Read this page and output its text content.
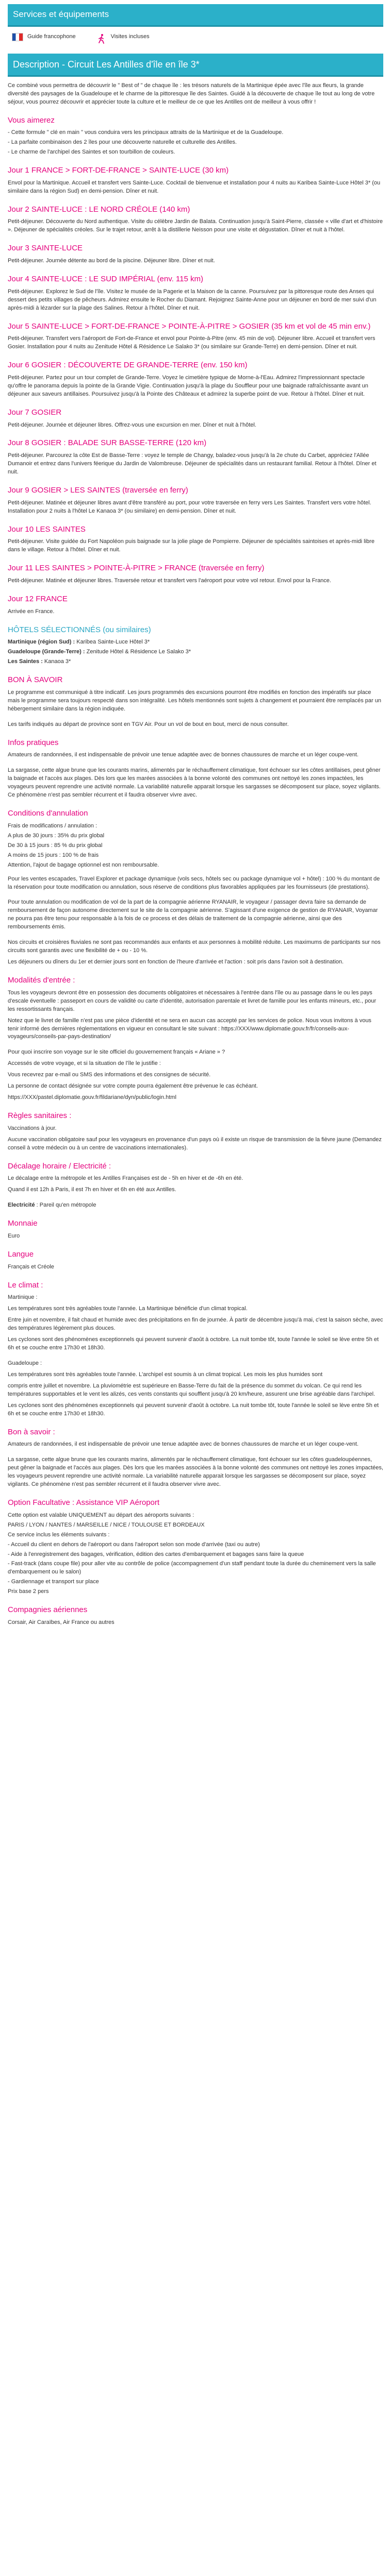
Services et équipements
Guide francophone	Visites incluses
Description - Circuit Les Antilles d'île en île 3*

Ce combiné vous permettra de découvrir le " Best of " de chaque île : les trésors naturels de la Martinique épée avec l'île aux fleurs, la grande diversité des paysages de la Guadeloupe et le charme de la pittoresque île des Saintes. Guidé à la découverte de chaque île tout au long de votre séjour, vous pourrez découvrir et apprécier toute la culture et le meilleur de ce que les Antilles ont de meilleur à vous offrir !

Vous aimerez

- Cette formule " clé en main " vous conduira vers les principaux attraits de la Martinique et de la Guadeloupe.

- La parfaite combinaison des 2 îles pour une découverte naturelle et culturelle des Antilles.

- Le charme de l'archipel des Saintes et son tourbillon de couleurs.

Jour 1 FRANCE > FORT-DE-FRANCE > SAINTE-LUCE (30 km)

Envol pour la Martinique. Accueil et transfert vers Sainte-Luce. Cocktail de bienvenue et installation pour 4 nuits au Karibea Sainte-Luce Hôtel 3* (ou similaire dans la région Sud) en demi-pension. Dîner et nuit.

Jour 2 SAINTE-LUCE : LE NORD CRÉOLE (140 km)

Petit-déjeuner. Découverte du Nord authentique. Visite du célèbre Jardin de Balata. Continuation jusqu'à Saint-Pierre, classée « ville d'art et d'histoire ». Déjeuner de spécialités créoles. Sur le trajet retour, arrêt à la distillerie Neisson pour une visite et dégustation. Dîner et nuit à l'hôtel.

Jour 3 SAINTE-LUCE

Petit-déjeuner. Journée détente au bord de la piscine. Déjeuner libre. Dîner et nuit.

Jour 4 SAINTE-LUCE : LE SUD IMPÉRIAL (env. 115 km)

Petit-déjeuner. Explorez le Sud de l'île. Visitez le musée de la Pagerie et la Maison de la canne. Poursuivez par la pittoresque route des Anses qui dessert des petits villages de pêcheurs. Admirez ensuite le Rocher du Diamant. Rejoignez Sainte-Anne pour un déjeuner en bord de mer suivi d'un après-midi à lézarder sur la plage des Salines. Retour à l'hôtel. Dîner et nuit.

Jour 5 SAINTE-LUCE > FORT-DE-FRANCE > POINTE-À-PITRE > GOSIER (35 km et vol de 45 min env.)

Petit-déjeuner. Transfert vers l'aéroport de Fort-de-France et envol pour Pointe-à-Pitre (env. 45 min de vol). Déjeuner libre. Accueil et transfert vers Gosier. Installation pour 4 nuits au Zenitude Hôtel & Résidence Le Salako 3* (ou similaire sur Grande-Terre) en demi-pension. Dîner et nuit.

Jour 6 GOSIER : DÉCOUVERTE DE GRANDE-TERRE (env. 150 km)

Petit-déjeuner. Partez pour un tour complet de Grande-Terre. Voyez le cimetière typique de Morne-à-l'Eau. Admirez l'impressionnant spectacle qu'offre le panorama depuis la pointe de la Grande Vigie. Continuation jusqu'à la plage du Souffleur pour une baignade rafraîchissante avant un déjeuner aux saveurs antillaises. Poursuivez jusqu'à la Pointe des Châteaux et admirez la superbe point de vue. Retour à l'hôtel. Dîner et nuit.

Jour 7 GOSIER

Petit-déjeuner. Journée et déjeuner libres. Offrez-vous une excursion en mer. Dîner et nuit à l'hôtel.

Jour 8 GOSIER : BALADE SUR BASSE-TERRE (120 km)

Petit-déjeuner. Parcourez la côte Est de Basse-Terre : voyez le temple de Changy, baladez-vous jusqu'à la 2e chute du Carbet, appréciez l'Allée Dumanoir et entrez dans l'univers féerique du Jardin de Valombreuse. Déjeuner de spécialités dans un restaurant familial. Retour à l'hôtel. Dîner et nuit.

Jour 9 GOSIER > LES SAINTES (traversée en ferry)

Petit-déjeuner. Matinée et déjeuner libres avant d'être transféré au port, pour votre traversée en ferry vers Les Saintes. Transfert vers votre hôtel. Installation pour 2 nuits à l'hôtel Le Kanaoa 3* (ou similaire) en demi-pension. Dîner et nuit.

Jour 10 LES SAINTES

Petit-déjeuner. Visite guidée du Fort Napoléon puis baignade sur la jolie plage de Pompierre. Déjeuner de spécialités saintoises et après-midi libre dans le village. Retour à l'hôtel. Dîner et nuit.

Jour 11 LES SAINTES > POINTE-À-PITRE > FRANCE (traversée en ferry)

Petit-déjeuner. Matinée et déjeuner libres. Traversée retour et transfert vers l'aéroport pour votre vol retour. Envol pour la France.

Jour 12 FRANCE

Arrivée en France.

HÔTELS SÉLECTIONNÉS (ou similaires)

Martinique (région Sud) : Karibea Sainte-Luce Hôtel 3*

Guadeloupe (Grande-Terre) : Zenitude Hôtel & Résidence Le Salako 3*

Les Saintes : Kanaoa 3*

BON À SAVOIR

Le programme est communiqué à titre indicatif. Les jours programmés des excursions pourront être modifiés en fonction des impératifs sur place mais le programme sera toujours respecté dans son intégralité. Les hôtels mentionnés sont sujets à changement et pourraient être remplacés par un hébergement similaire dans la région indiquée.

Les tarifs indiqués au départ de province sont en TGV Air. Pour un vol de bout en bout, merci de nous consulter.

Infos pratiques

Amateurs de randonnées, il est indispensable de prévoir une tenue adaptée avec de bonnes chaussures de marche et un léger coupe-vent.

La sargasse, cette algue brune que les courants marins, alimentés par le réchauffement climatique, font échouer sur les côtes antillaises, peut gêner la baignade et l'accès aux plages. Dès lors que les marées associées à la bonne volonté des communes ont nettoyé les zones impactées, les voyageurs peuvent reprendre une activité normale. La variabilité naturelle apparait lorsque les sargasses se décomposent sur place, soyez vigilants. Ce phénomène n'est pas sembler récurrent et il faudra observer vivre avec.

Conditions d'annulation

Frais de modifications / annulation :

A plus de 30 jours : 35% du prix global

De 30 à 15 jours : 85 % du prix global

A moins de 15 jours : 100 % de frais

Attention, l'ajout de bagage optionnel est non remboursable.

Pour les ventes escapades, Travel Explorer et package dynamique (vols secs, hôtels sec ou package dynamique vol + hôtel) : 100 % du montant de la réservation pour toute modification ou annulation, sous réserve de conditions plus favorables appliquées par les fournisseurs (de prestations).

Pour toute annulation ou modification de vol de la part de la compagnie aérienne RYANAIR, le voyageur / passager devra faire sa demande de remboursement de façon autonome directement sur le site de la compagnie aérienne. S'agissant d'une exigence de gestion de RYANAIR, Voyamar ne pourra pas être tenu pour responsable à la fois de ce process et des délais de traitement de la compagnie aérienne, ainsi que des remboursements émis.

Nos circuits et croisières fluviales ne sont pas recommandés aux enfants et aux personnes à mobilité réduite. Les maximums de participants sur nos circuits sont garantis avec une flexibilité de + ou - 10 %.

Les déjeuners ou dîners du 1er et dernier jours sont en fonction de l'heure d'arrivée et l'action : soit pris dans l'avion soit à destination.

Modalités d'entrée :

Tous les voyageurs devront être en possession des documents obligatoires et nécessaires à l'entrée dans l'île ou au passage dans le ou les pays d'escale éventuelle : passeport en cours de validité ou carte d'identité, autorisation parentale et livret de famille pour les enfants mineurs, etc., pour les ressortissants français.

Notez que le livret de famille n'est pas une pièce d'identité et ne sera en aucun cas accepté par les services de police. Nous vous invitons à vous tenir informé des dernières réglementations en vigueur en consultant le site suivant : https://XXX/www.diplomatie.gouv.fr/fr/conseils-aux-voyageurs/conseils-par-pays-destination/

Pour quoi inscrire son voyage sur le site officiel du gouvernement français « Ariane » ?

Accessés de votre voyage, et si la situation de l'île le justifie :

Vous recevrez par e-mail ou SMS des informations et des consignes de sécurité.

La personne de contact désignée sur votre compte pourra également être prévenue le cas échéant.

https://XXX/pastel.diplomatie.gouv.fr/fildariane/dyn/public/login.html

Règles sanitaires :

Vaccinations à jour.

Aucune vaccination obligatoire sauf pour les voyageurs en provenance d'un pays où il existe un risque de transmission de la fièvre jaune (Demandez conseil à votre médecin ou à un centre de vaccinations internationales).

Décalage horaire / Electricité :

Le décalage entre la métropole et les Antilles Françaises est de - 5h en hiver et de -6h en été.

Quand il est 12h à Paris, il est 7h en hiver et 6h en été aux Antilles.

Electricité : Pareil qu'en métropole

Monnaie

Euro

Langue

Français et Créole

Le climat :

Martinique :

Les températures sont très agréables toute l'année. La Martinique bénéficie d'un climat tropical.

Entre juin et novembre, il fait chaud et humide avec des précipitations en fin de journée. À partir de décembre jusqu'à mai, c'est la saison sèche, avec des températures légèrement plus douces.

Les cyclones sont des phénomènes exceptionnels qui peuvent survenir d'août à octobre. La nuit tombe tôt, toute l'année le soleil se lève entre 5h et 6h et se couche entre 17h30 et 18h30.

Guadeloupe :

Les températures sont très agréables toute l'année. L'archipel est soumis à un climat tropical. Les mois les plus humides sont

compris entre juillet et novembre. La pluviométrie est supérieure en Basse-Terre du fait de la présence du sommet du volcan. Ce qui rend les températures supportables et le vent les alizés, ces vents constants qui soufflent jusqu'à 20 km/heure, assurent une brise agréable dans l'archipel.

Les cyclones sont des phénomènes exceptionnels qui peuvent survenir d'août à octobre. La nuit tombe tôt, toute l'année le soleil se lève entre 5h et 6h et se couche entre 17h30 et 18h30.

Bon à savoir :

Amateurs de randonnées, il est indispensable de prévoir une tenue adaptée avec de bonnes chaussures de marche et un léger coupe-vent.

La sargasse, cette algue brune que les courants marins, alimentés par le réchauffement climatique, font échouer sur les côtes guadeloupéennes, peut gêner la baignade et l'accès aux plages. Dès lors que les marées associées à la bonne volonté des communes ont nettoyé les zones impactées, les voyageurs peuvent reprendre une activité normale. La variabilité naturelle apparait lorsque les sargasses se décomposent sur place, soyez vigilants. Ce phénomène n'est pas sembler récurrent et il faudra observer vivre avec.

Option Facultative : Assistance VIP Aéroport

Cette option est valable UNIQUEMENT au départ des aéroports suivants :

PARIS / LYON / NANTES / MARSEILLE / NICE / TOULOUSE ET BORDEAUX

Ce service inclus les éléments suivants :

- Accueil du client en dehors de l'aéroport ou dans l'aéroport selon son mode d'arrivée (taxi ou autre)

- Aide à l'enregistrement des bagages, vérification, édition des cartes d'embarquement et bagages sans faire la queue

- Fast-track (dans coupe file) pour aller vite au contrôle de police (accompagnement d'un staff pendant toute la durée du cheminement vers la salle d'embarquement ou le salon)

- Gardiennage et transport sur place

Prix base 2 pers

Compagnies aériennes

Corsair, Air Caraïbes, Air France ou autres
